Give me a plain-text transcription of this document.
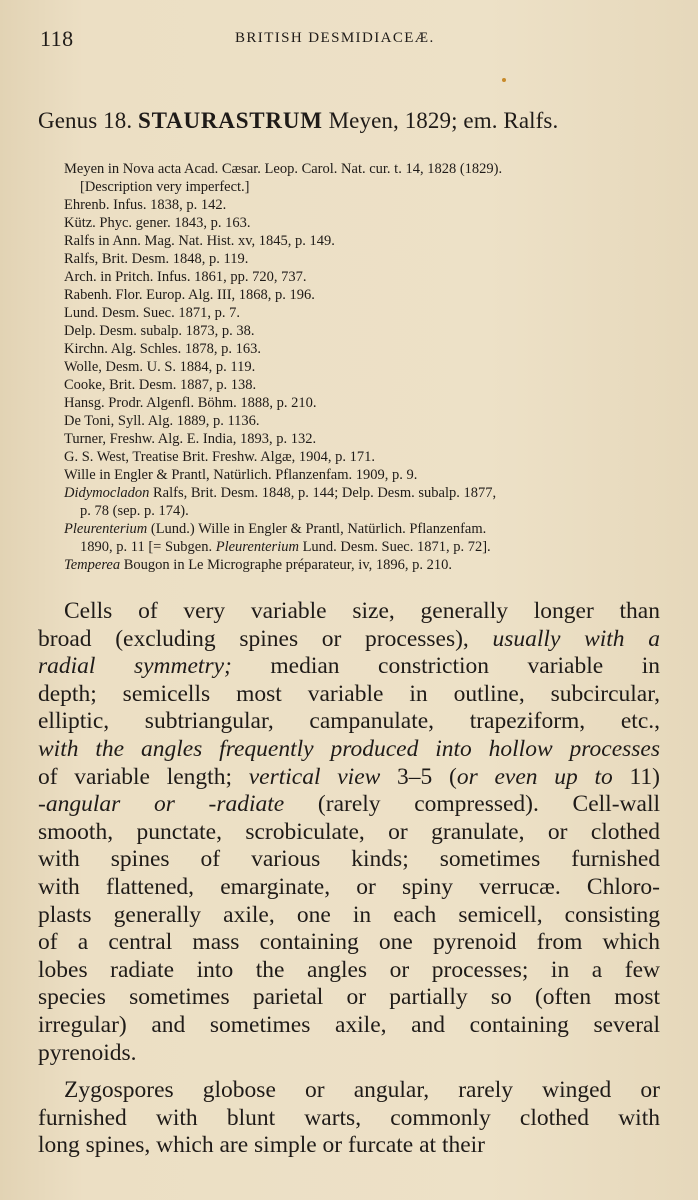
118	BRITISH DESMIDIACEÆ.
Genus 18. STAURASTRUM Meyen, 1829; em. Ralfs.
Meyen in Nova acta Acad. Cæsar. Leop. Carol. Nat. cur. t. 14, 1828 (1829).
[Description very imperfect.]
Ehrenb. Infus. 1838, p. 142.
Kütz. Phyc. gener. 1843, p. 163.
Ralfs in Ann. Mag. Nat. Hist. xv, 1845, p. 149.
Ralfs, Brit. Desm. 1848, p. 119.
Arch. in Pritch. Infus. 1861, pp. 720, 737.
Rabenh. Flor. Europ. Alg. III, 1868, p. 196.
Lund. Desm. Suec. 1871, p. 7.
Delp. Desm. subalp. 1873, p. 38.
Kirchn. Alg. Schles. 1878, p. 163.
Wolle, Desm. U. S. 1884, p. 119.
Cooke, Brit. Desm. 1887, p. 138.
Hansg. Prodr. Algenfl. Böhm. 1888, p. 210.
De Toni, Syll. Alg. 1889, p. 1136.
Turner, Freshw. Alg. E. India, 1893, p. 132.
G. S. West, Treatise Brit. Freshw. Algæ, 1904, p. 171.
Wille in Engler & Prantl, Natürlich. Pflanzenfam. 1909, p. 9.
Didymocladon Ralfs, Brit. Desm. 1848, p. 144; Delp. Desm. subalp. 1877,
p. 78 (sep. p. 174).
Pleurenterium (Lund.) Wille in Engler & Prantl, Natürlich. Pflanzenfam.
1890, p. 11 [= Subgen. Pleurenterium Lund. Desm. Suec. 1871, p. 72].
Temperea Bougon in Le Micrographe préparateur, iv, 1896, p. 210.

Cells of very variable size, generally longer than
broad (excluding spines or processes), usually with a
radial symmetry; median constriction variable in
depth; semicells most variable in outline, subcircular,
elliptic, subtriangular, campanulate, trapeziform, etc.,
with the angles frequently produced into hollow processes
of variable length; vertical view 3–5 (or even up to 11)
-angular or -radiate (rarely compressed). Cell-wall
smooth, punctate, scrobiculate, or granulate, or clothed
with spines of various kinds; sometimes furnished
with flattened, emarginate, or spiny verrucæ. Chloro-
plasts generally axile, one in each semicell, consisting
of a central mass containing one pyrenoid from which
lobes radiate into the angles or processes; in a few
species sometimes parietal or partially so (often most
irregular) and sometimes axile, and containing several
pyrenoids.

Zygospores globose or angular, rarely winged or
furnished with blunt warts, commonly clothed with
long spines, which are simple or furcate at their
